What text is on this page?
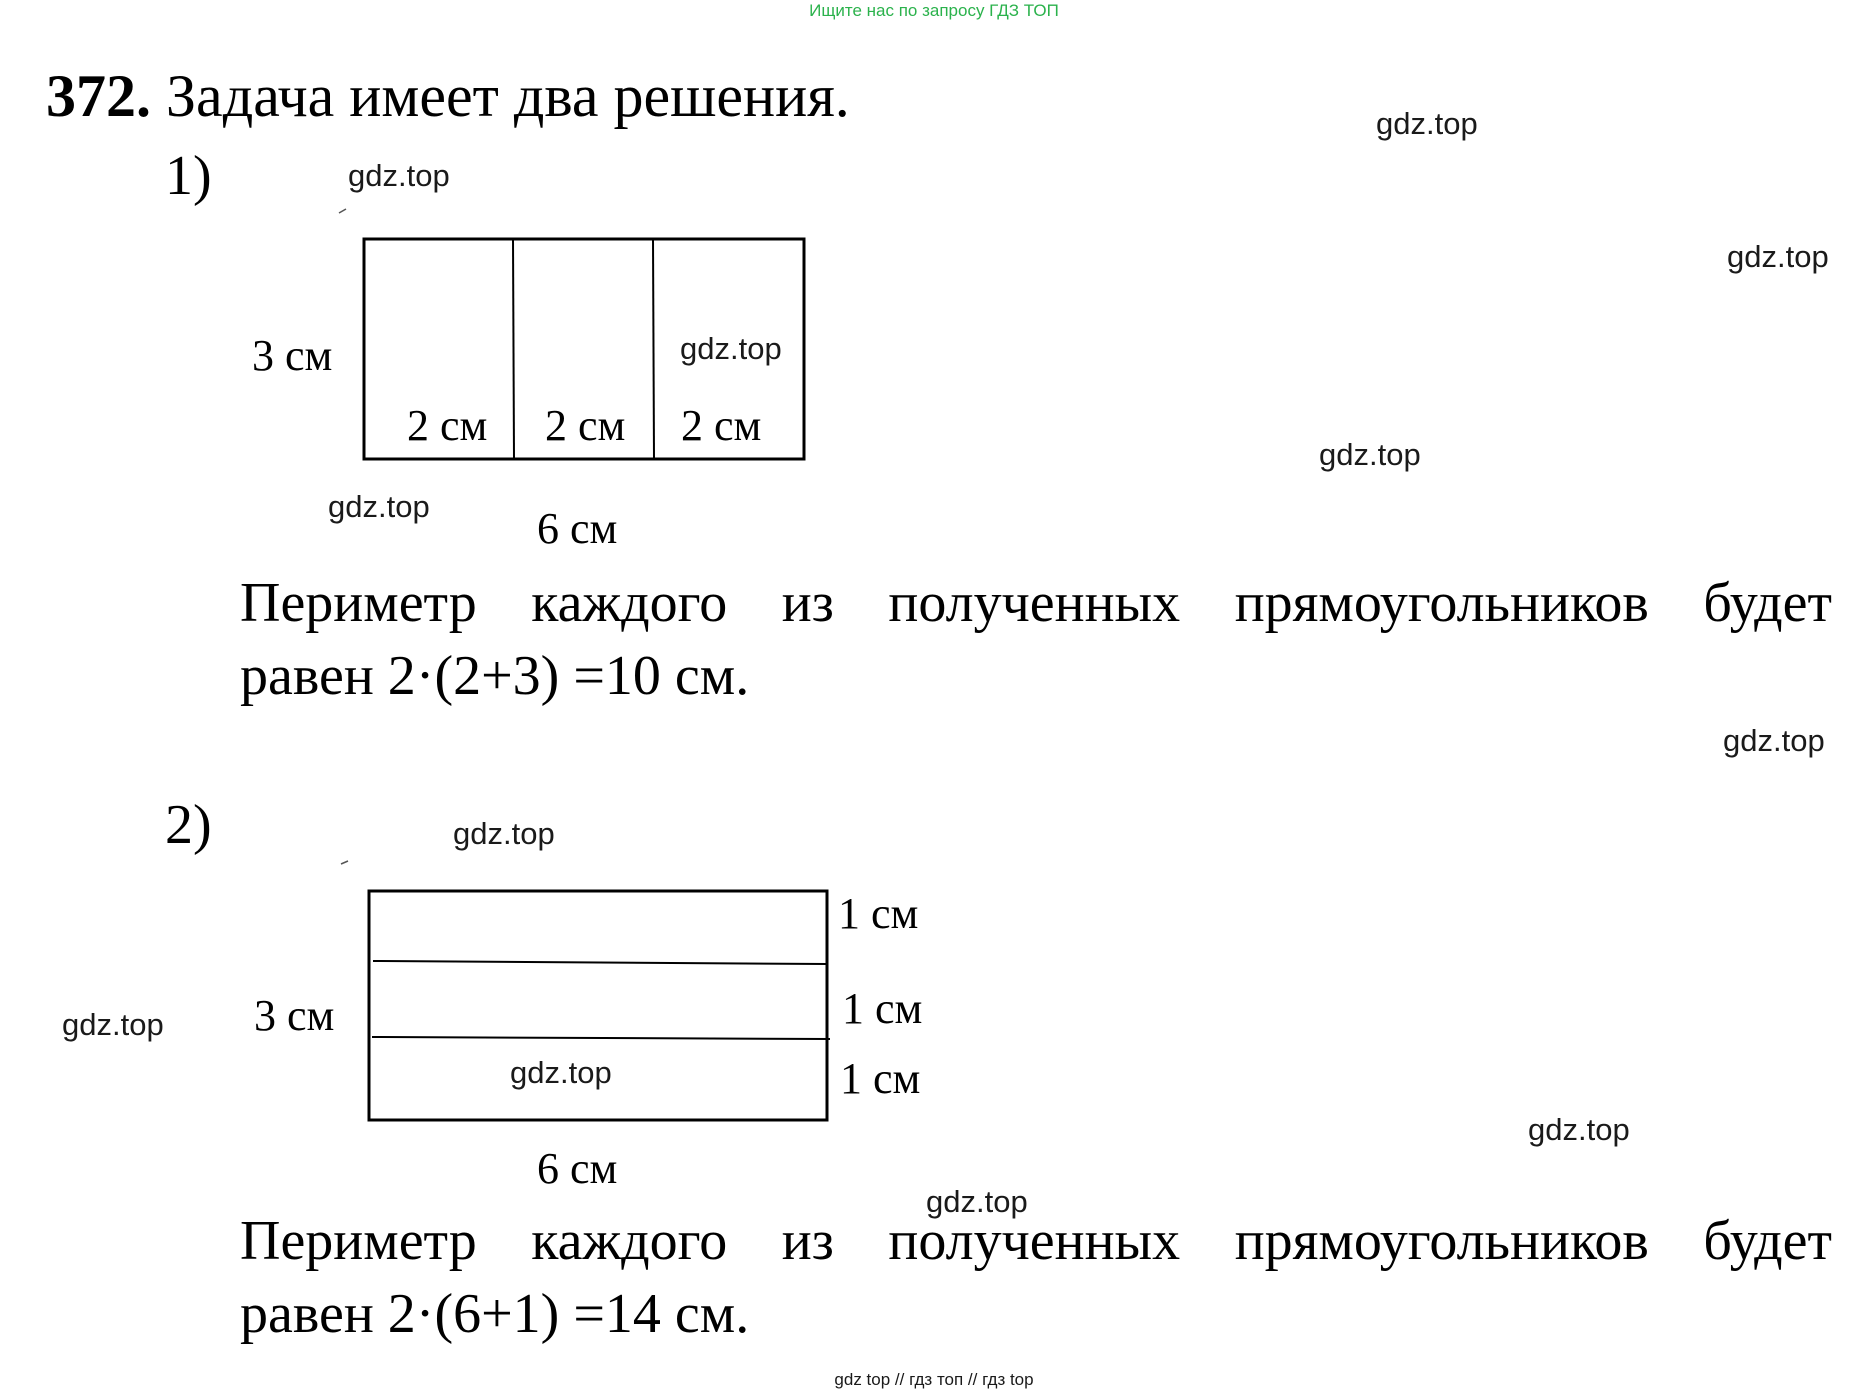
Ищите нас по запросу ГДЗ ТОП
372. Задача имеет два решения.
1)
3 см
2 см 2 см 2 см
6 см
Периметр каждого из полученных прямоугольников будет
равен 2·(2+3) =10 см.
2)
3 см
1 см
1 см
1 см
6 см
Периметр каждого из полученных прямоугольников будет
равен 2·(6+1) =14 см.
gdz.top
gdz.top
gdz.top
gdz.top
gdz.top
gdz.top
gdz.top
gdz.top
gdz.top
gdz.top
gdz.top
gdz.top
gdz top // гдз топ // гдз top
